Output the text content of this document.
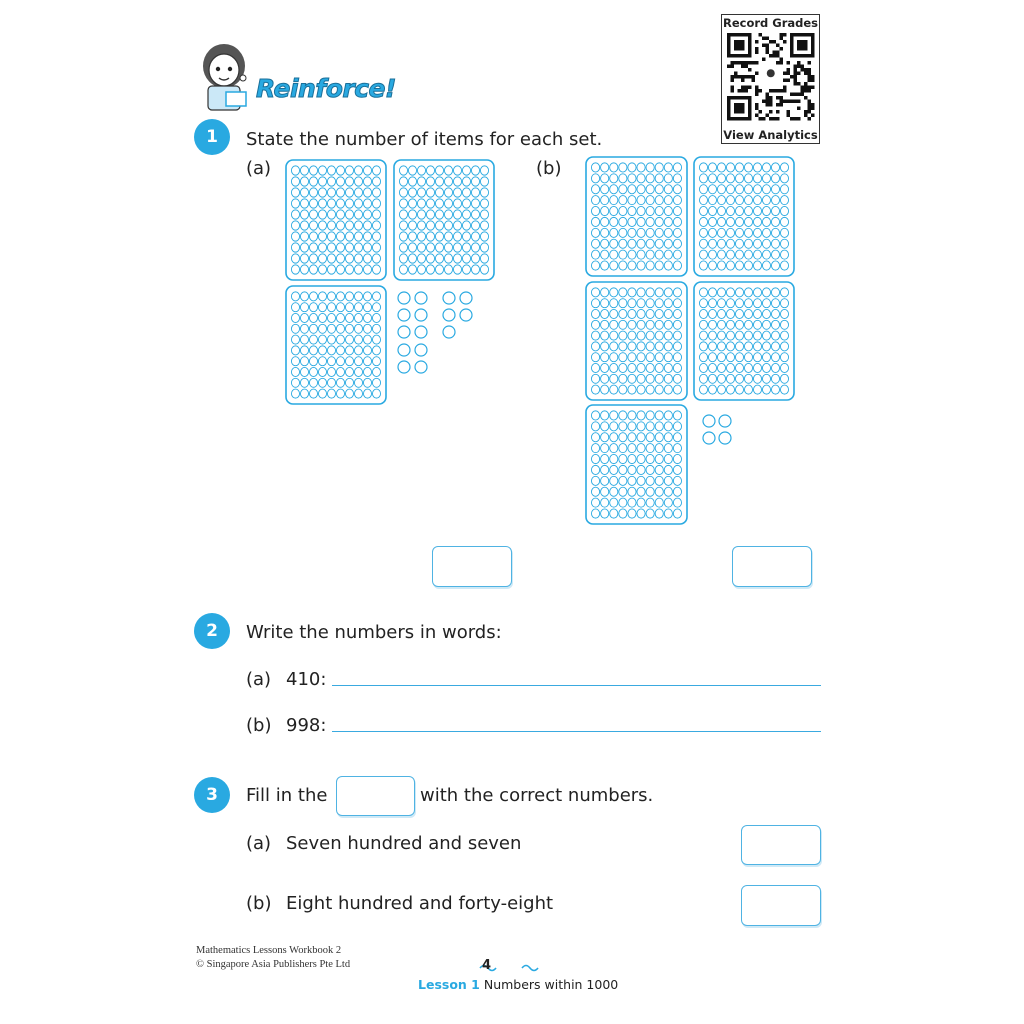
Reinforce!
Record Grades
View Analytics
1	State the number of items for each set.
(a)	(b)
2	Write the numbers in words:
(a) 410:
(b) 998:
3	Fill in the	with the correct numbers.
(a) Seven hundred and seven
(b) Eight hundred and forty-eight
Mathematics Lessons Workbook 2
© Singapore Asia Publishers Pte Ltd	4
Lesson 1 Numbers within 1000
